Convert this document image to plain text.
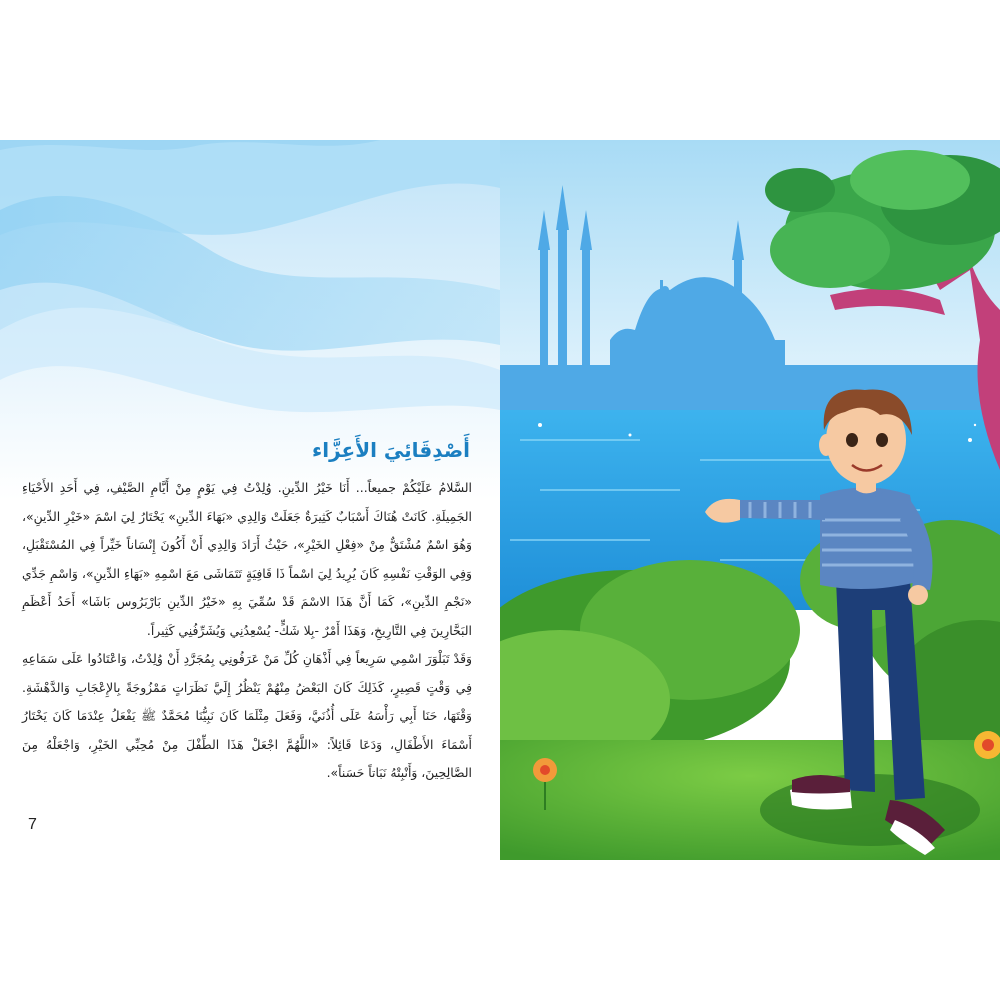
أَصْدِقَائِيَ الأَعِزَّاء

السَّلامُ عَلَيْكُمْ جميعاً... أَنَا خَيْرُ الدِّينِ. وُلِدْتُ فِي يَوْمٍ مِنْ أَيَّامِ الصَّيْفِ، فِي أَحَدِ الأَحْيَاءِ الجَمِيلَةِ. كَانَتْ هُنَاكَ أَسْبَابٌ كَثِيرَةٌ جَعَلَتْ وَالِدِي «بَهَاءَ الدِّينِ» يَخْتَارُ لِيَ اسْمَ «خَيْرِ الدِّينِ»، وَهُوَ اسْمٌ مُشْتَقٌّ مِنْ «فِعْلِ الخَيْرِ»، حَيْثُ أَرَادَ وَالِدِي أَنْ أَكُونَ إِنْسَاناً خَيِّراً فِي المُسْتَقْبَلِ، وَفِي الوَقْتِ نَفْسِهِ كَانَ يُرِيدُ لِيَ اسْماً ذَا قَافِيَةٍ تَتَمَاشَى مَعَ اسْمِهِ «بَهَاءِ الدِّينِ»، وَاسْمِ جَدِّي «نَجْمِ الدِّينِ»، كَمَا أَنَّ هَذَا الاسْمَ قَدْ سُمِّيَ بِهِ «خَيْرُ الدِّينِ بَارْبَرُوس بَاشَا» أَحَدُ أَعْظَمِ البَحَّارِينَ فِي التَّارِيخِ، وَهَذَا أَمْرٌ -بِلا شَكٍّ- يُسْعِدُنِي وَيُشَرِّفُنِي كَثِيراً.

وَقَدْ تَبَلْوَرَ اسْمِي سَرِيعاً فِي أَذْهَانِ كُلِّ مَنْ عَرَفُونِي بِمُجَرَّدِ أَنْ وُلِدْتُ، وَاعْتَادُوا عَلَى سَمَاعِهِ فِي وَقْتٍ قَصِيرٍ، كَذَلِكَ كَانَ البَعْضُ مِنْهُمْ يَنْظُرُ إِلَيَّ نَظَرَاتٍ مَمْزُوجَةً بِالإِعْجَابِ وَالدَّهْشَةِ. وَقْتَهَا، حَنَا أَبِي رَأْسَهُ عَلَى أُذُنَيَّ، وَفَعَلَ مِثْلَمَا كَانَ نَبِيُّنَا مُحَمَّدٌ ﷺ يَفْعَلُ عِنْدَمَا كَانَ يَخْتَارُ أَسْمَاءَ الأَطْفَالِ، وَدَعَا قَائِلاً: «اللَّهُمَّ اجْعَلْ هَذَا الطِّفْلَ مِنْ مُحِبِّي الخَيْرِ، وَاجْعَلْهُ مِنَ الصَّالِحِينَ، وَأَنْبِتْهُ نَبَاتاً حَسَناً».

7
